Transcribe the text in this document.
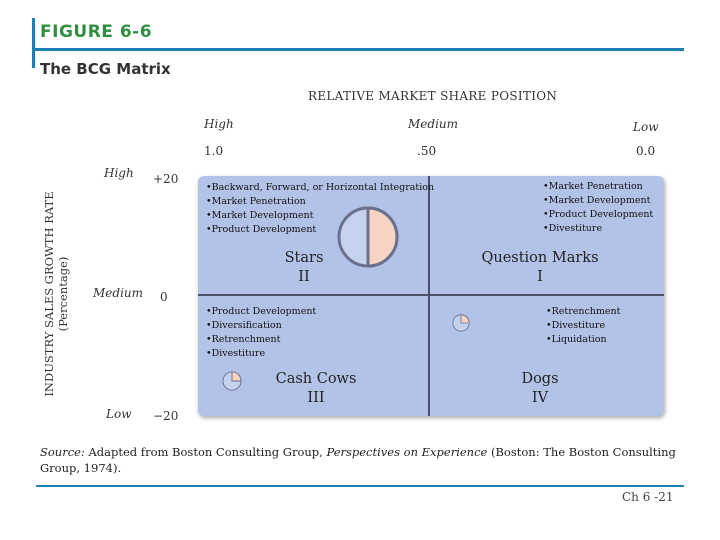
FIGURE 6-6
The BCG Matrix
RELATIVE MARKET SHARE POSITION
High	Medium	Low
1.0	.50	0.0
INDUSTRY SALES GROWTH RATE (Percentage)
High
Medium
Low
+20
0
−20
• Backward, Forward, or Horizontal Integration
• Market Penetration
• Market Development
• Product Development
Stars
II
• Market Penetration
• Market Development
• Product Development
• Divestiture
Question Marks
I
• Product Development
• Diversification
• Retrenchment
• Divestiture
Cash Cows
III
• Retrenchment
• Divestiture
• Liquidation
Dogs
IV
Source: Adapted from Boston Consulting Group, Perspectives on Experience (Boston: The Boston Consulting Group, 1974).
Ch 6 -21
